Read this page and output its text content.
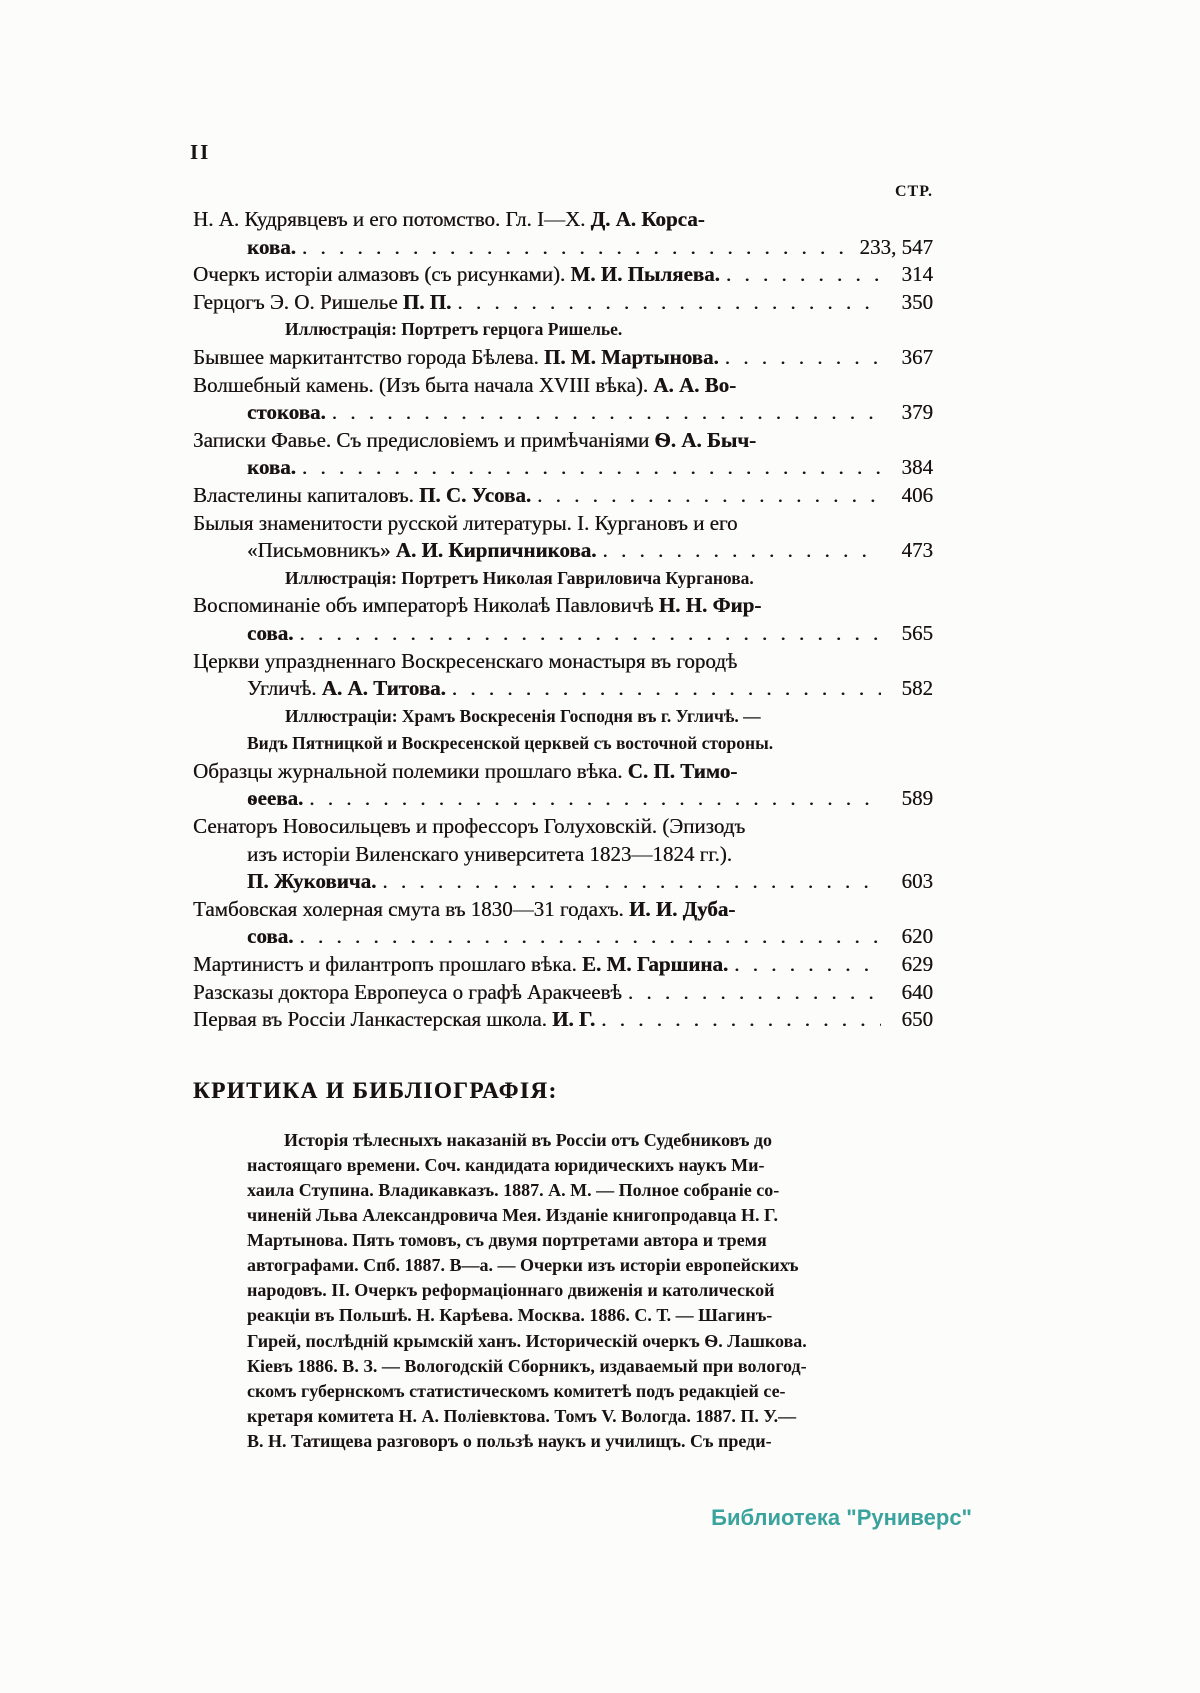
II
СТР.
Н. А. Кудрявцевъ и его потомство. Гл. I—X. Д. А. Корса-
кова. . . .	233, 547
Очеркъ исторіи алмазовъ (съ рисунками). М. И. Пыляева. . . .	314
Герцогъ Э. О. Ришелье П. П. . . .	350
Иллюстрація: Портретъ герцога Ришелье.
Бывшее маркитантство города Бѣлева. П. М. Мартынова. . . .	367
Волшебный камень. (Изъ быта начала XVIII вѣка). А. А. Во-
стокова. . . .	379
Записки Фавье. Съ предисловіемъ и примѣчаніями Ѳ. А. Быч-
кова. . . .	384
Властелины капиталовъ. П. С. Усова. . . .	406
Былыя знаменитости русской литературы. I. Кургановъ и его
«Письмовникъ» А. И. Кирпичникова. . . .	473
Иллюстрація: Портретъ Николая Гавриловича Курганова.
Воспоминаніе объ императорѣ Николаѣ Павловичѣ Н. Н. Фир-
сова. . . .	565
Церкви упраздненнаго Воскресенскаго монастыря въ городѣ
Угличѣ. А. А. Титова. . . .	582
Иллюстраціи: Храмъ Воскресенія Господня въ г. Угличѣ. —
Видъ Пятницкой и Воскресенской церквей съ восточной стороны.
Образцы журнальной полемики прошлаго вѣка. С. П. Тимо-
ѳеева. . . .	589
Сенаторъ Новосильцевъ и профессоръ Голуховскій. (Эпизодъ
изъ исторіи Виленскаго университета 1823—1824 гг.).
П. Жуковича. . . .	603
Тамбовская холерная смута въ 1830—31 годахъ. И. И. Дуба-
сова. . . .	620
Мартинистъ и филантропъ прошлаго вѣка. Е. М. Гаршина. . . .	629
Разсказы доктора Европеуса о графѣ Аракчеевѣ . . .	640
Первая въ Россіи Ланкастерская школа. И. Г. . . .	650
КРИТИКА И БИБЛІОГРАФІЯ:
Исторія тѣлесныхъ наказаній въ Россіи отъ Судебниковъ до
настоящаго времени. Соч. кандидата юридическихъ наукъ Ми-
хаила Ступина. Владикавказъ. 1887. А. М. — Полное собраніе со-
чиненій Льва Александровича Мея. Изданіе книгопродавца Н. Г.
Мартынова. Пять томовъ, съ двумя портретами автора и тремя
автографами. Спб. 1887. В—а. — Очерки изъ исторіи европейскихъ
народовъ. II. Очеркъ реформаціоннаго движенія и католической
реакціи въ Польшѣ. Н. Карѣева. Москва. 1886. С. Т. — Шагинъ-
Гирей, послѣдній крымскій ханъ. Историческій очеркъ Ѳ. Лашкова.
Кіевъ 1886. В. З. — Вологодскій Сборникъ, издаваемый при вологод-
скомъ губернскомъ статистическомъ комитетѣ подъ редакціей се-
кретаря комитета Н. А. Поліевктова. Томъ V. Вологда. 1887. П. У.—
В. Н. Татищева разговоръ о пользѣ наукъ и училищъ. Съ преди-
Библиотека "Руниверс"
